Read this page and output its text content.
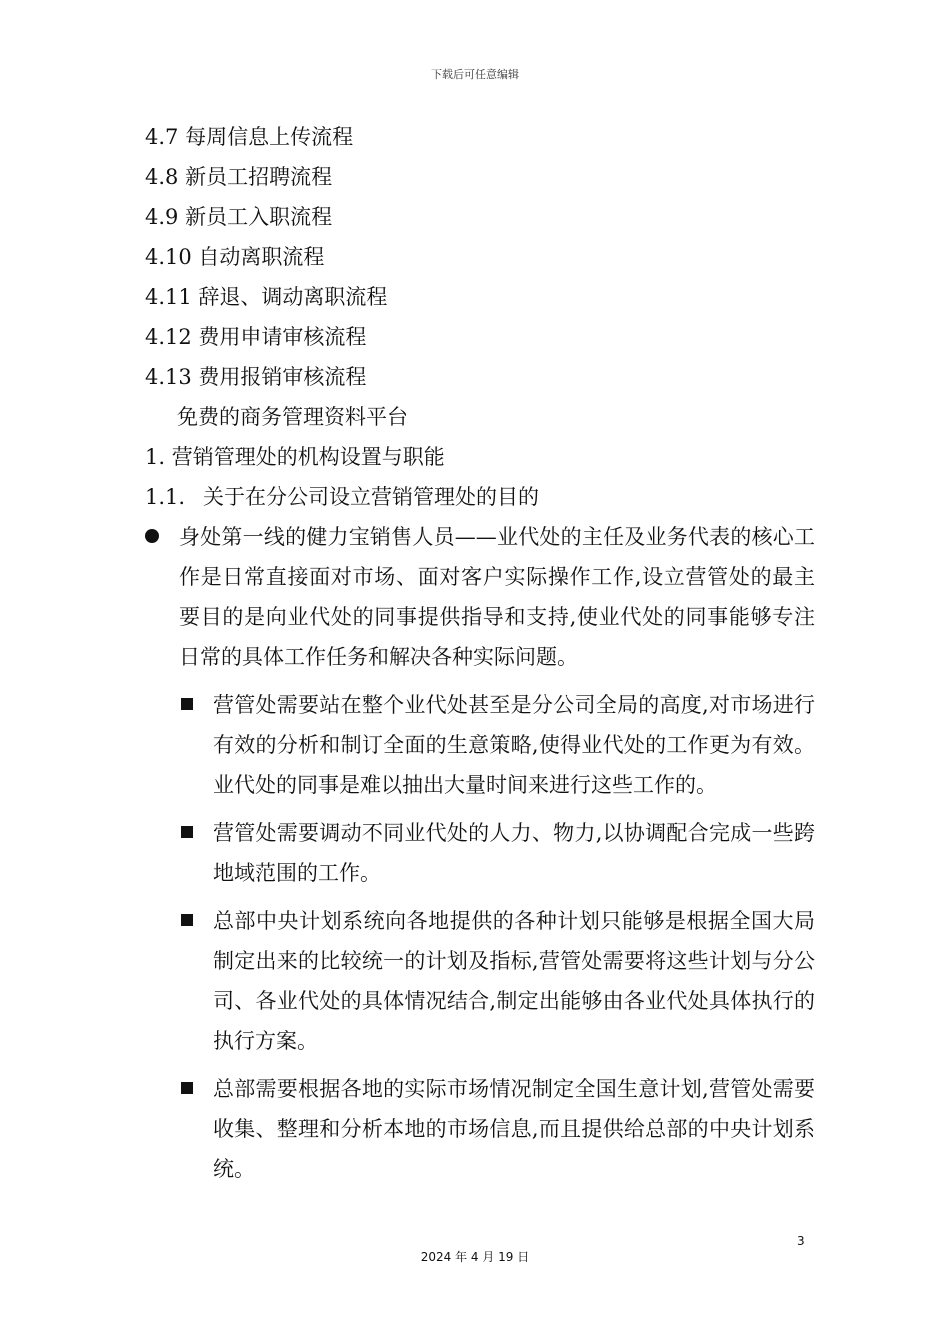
下载后可任意编辑
4.7 每周信息上传流程
4.8 新员工招聘流程
4.9 新员工入职流程
4.10 自动离职流程
4.11 辞退、调动离职流程
4.12 费用申请审核流程
4.13 费用报销审核流程
免费的商务管理资料平台
1. 营销管理处的机构设置与职能
1.1. 关于在分公司设立营销管理处的目的
身处第一线的健力宝销售人员——业代处的主任及业务代表的核心工作是日常直接面对市场、面对客户实际操作工作,设立营管处的最主要目的是向业代处的同事提供指导和支持,使业代处的同事能够专注日常的具体工作任务和解决各种实际问题。
营管处需要站在整个业代处甚至是分公司全局的高度,对市场进行有效的分析和制订全面的生意策略,使得业代处的工作更为有效。业代处的同事是难以抽出大量时间来进行这些工作的。
营管处需要调动不同业代处的人力、物力,以协调配合完成一些跨地域范围的工作。
总部中央计划系统向各地提供的各种计划只能够是根据全国大局制定出来的比较统一的计划及指标,营管处需要将这些计划与分公司、各业代处的具体情况结合,制定出能够由各业代处具体执行的执行方案。
总部需要根据各地的实际市场情况制定全国生意计划,营管处需要收集、整理和分析本地的市场信息,而且提供给总部的中央计划系统。
3
2024 年 4 月 19 日
